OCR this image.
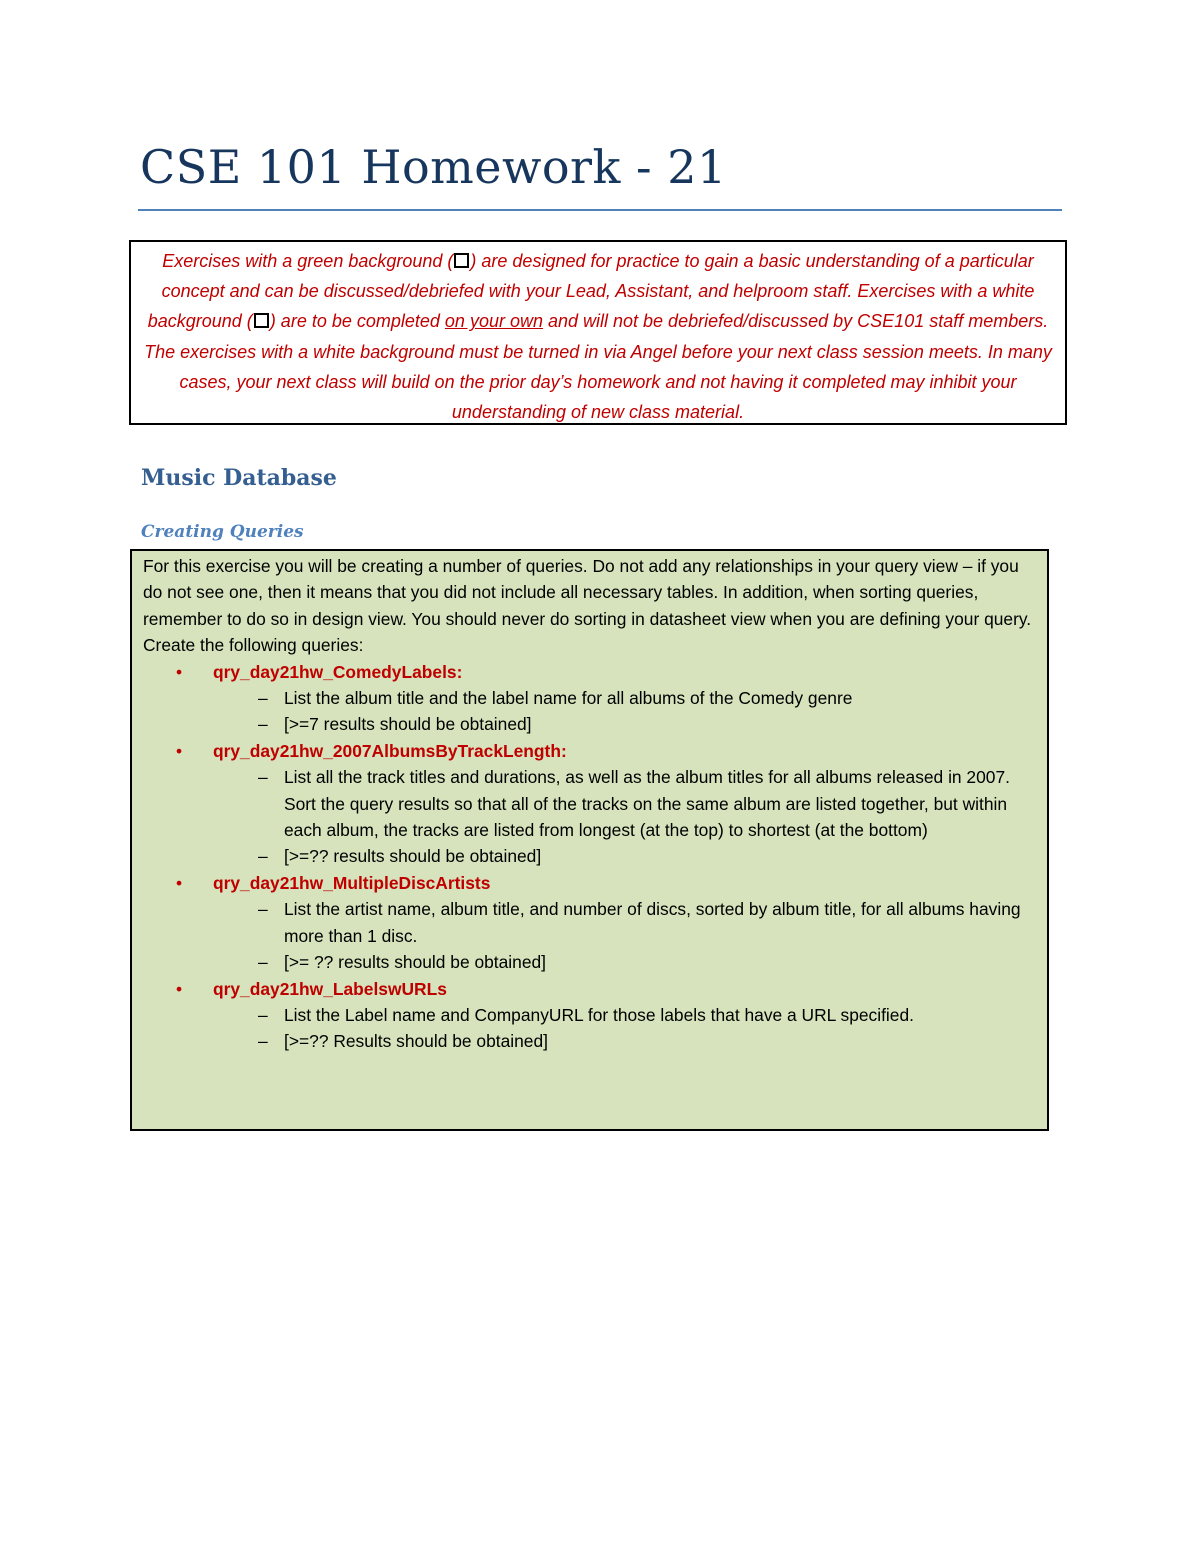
CSE 101 Homework - 21
Exercises with a green background ( ) are designed for practice to gain a basic understanding of a particular concept and can be discussed/debriefed with your Lead, Assistant, and helproom staff. Exercises with a white background ( ) are to be completed on your own and will not be debriefed/discussed by CSE101 staff members. The exercises with a white background must be turned in via Angel before your next class session meets. In many cases, your next class will build on the prior day’s homework and not having it completed may inhibit your understanding of new class material.
Music Database
Creating Queries

For this exercise you will be creating a number of queries. Do not add any relationships in your query view – if you do not see one, then it means that you did not include all necessary tables. In addition, when sorting queries, remember to do so in design view. You should never do sorting in datasheet view when you are defining your query.

Create the following queries:

• qry_day21hw_ComedyLabels:
– List the album title and the label name for all albums of the Comedy genre
– [>=7 results should be obtained]
• qry_day21hw_2007AlbumsByTrackLength:
– List all the track titles and durations, as well as the album titles for all albums released in 2007. Sort the query results so that all of the tracks on the same album are listed together, but within each album, the tracks are listed from longest (at the top) to shortest (at the bottom)
– [>=?? results should be obtained]
• qry_day21hw_MultipleDiscArtists
– List the artist name, album title, and number of discs, sorted by album title, for all albums having more than 1 disc.
– [>= ?? results should be obtained]
• qry_day21hw_LabelswURLs
– List the Label name and CompanyURL for those labels that have a URL specified.
– [>=?? Results should be obtained]
